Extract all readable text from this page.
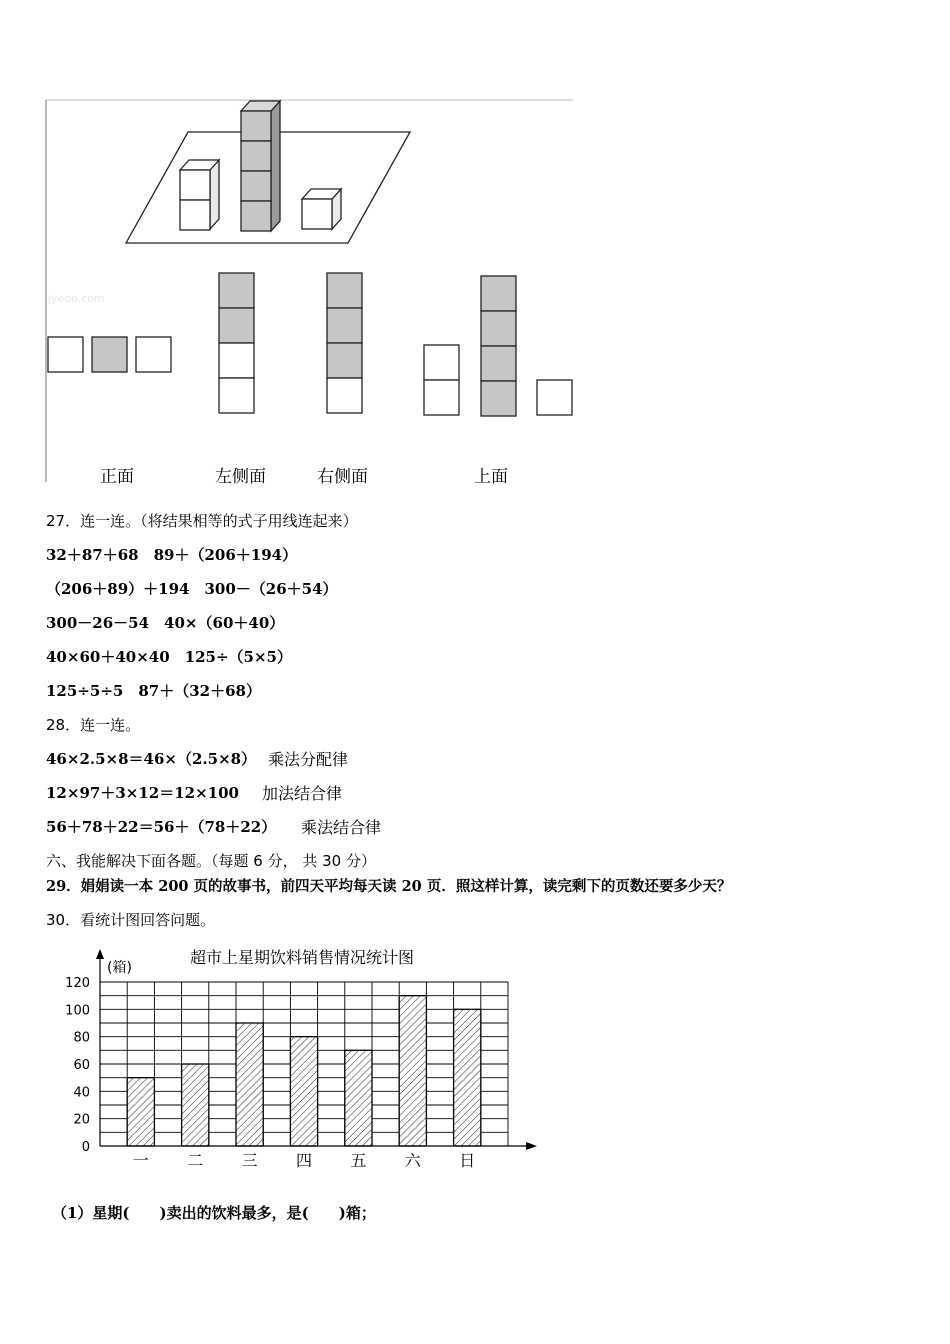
jyeoo.com
正面	左侧面	右侧面	上面
27．连一连。（将结果相等的式子用线连起来）
32＋87＋68　89＋（206＋194）
（206＋89）＋194　300－（26＋54）
300－26－54　40×（60＋40）
40×60＋40×40　125÷（5×5）
125÷5÷5　87＋（32＋68）
28．连一连。
46×2.5×8＝46×（2.5×8） 乘法分配律
12×97＋3×12＝12×100 加法结合律
56＋78＋22＝56＋（78＋22） 乘法结合律
六、我能解决下面各题。（每题 6 分， 共 30 分）
29．娟娟读一本 200 页的故事书，前四天平均每天读 20 页．照这样计算，读完剩下的页数还要多少天？
30．看统计图回答问题。
超市上星期饮料销售情况统计图
(箱)
0
20
40
60
80
100
120
一 二 三 四 五 六 日
（1）星期(　　)卖出的饮料最多，是(　　)箱；
